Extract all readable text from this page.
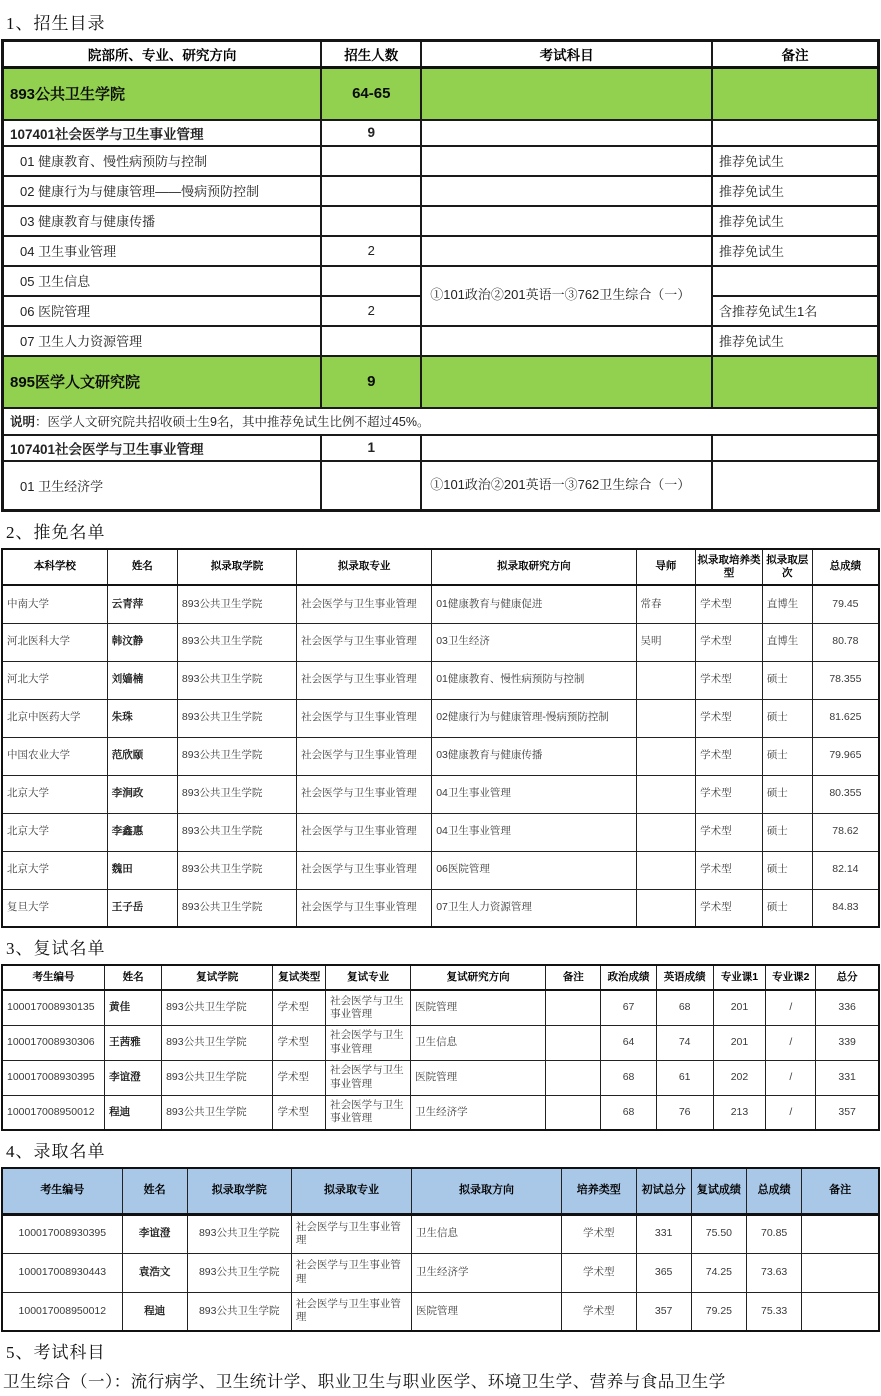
1、招生目录
院部所、专业、研究方向	招生人数	考试科目	备注
893公共卫生学院	64-65		
107401社会医学与卫生事业管理	9		
01 健康教育、慢性病预防与控制			推荐免试生
02 健康行为与健康管理——慢病预防控制			推荐免试生
03 健康教育与健康传播			推荐免试生
04 卫生事业管理	2		推荐免试生
05 卫生信息		①101政治②201英语一③762卫生综合（一）	
06 医院管理	2		含推荐免试生1名
07 卫生人力资源管理			推荐免试生
895医学人文研究院	9		
说明：医学人文研究院共招收硕士生9名，其中推荐免试生比例不超过45%。			
107401社会医学与卫生事业管理	1		
01 卫生经济学		①101政治②201英语一③762卫生综合（一）	
2、推免名单
本科学校	姓名	拟录取学院	拟录取专业	拟录取研究方向	导师	拟录取培养类型	拟录取层次	总成绩
中南大学	云青萍	893公共卫生学院	社会医学与卫生事业管理	01健康教育与健康促进	常春	学术型	直博生	79.45
河北医科大学	韩汶静	893公共卫生学院	社会医学与卫生事业管理	03卫生经济	吴明	学术型	直博生	80.78
河北大学	刘嫱楠	893公共卫生学院	社会医学与卫生事业管理	01健康教育、慢性病预防与控制		学术型	硕士	78.355
北京中医药大学	朱珠	893公共卫生学院	社会医学与卫生事业管理	02健康行为与健康管理-慢病预防控制		学术型	硕士	81.625
中国农业大学	范欣颐	893公共卫生学院	社会医学与卫生事业管理	03健康教育与健康传播		学术型	硕士	79.965
北京大学	李涧政	893公共卫生学院	社会医学与卫生事业管理	04卫生事业管理		学术型	硕士	80.355
北京大学	李鑫惠	893公共卫生学院	社会医学与卫生事业管理	04卫生事业管理		学术型	硕士	78.62
北京大学	魏田	893公共卫生学院	社会医学与卫生事业管理	06医院管理		学术型	硕士	82.14
复旦大学	王子岳	893公共卫生学院	社会医学与卫生事业管理	07卫生人力资源管理		学术型	硕士	84.83
3、复试名单
考生编号	姓名	复试学院	复试类型	复试专业	复试研究方向	备注	政治成绩	英语成绩	专业课1	专业课2	总分
100017008930135	黄佳	893公共卫生学院	学术型	社会医学与卫生事业管理	医院管理		67	68	201	/	336
100017008930306	王茜雅	893公共卫生学院	学术型	社会医学与卫生事业管理	卫生信息		64	74	201	/	339
100017008930395	李谊澄	893公共卫生学院	学术型	社会医学与卫生事业管理	医院管理		68	61	202	/	331
100017008950012	程迪	893公共卫生学院	学术型	社会医学与卫生事业管理	卫生经济学		68	76	213	/	357
4、录取名单
考生编号	姓名	拟录取学院	拟录取专业	拟录取方向	培养类型	初试总分	复试成绩	总成绩	备注
100017008930395	李谊澄	893公共卫生学院	社会医学与卫生事业管理	卫生信息	学术型	331	75.50	70.85	
100017008930443	袁浩文	893公共卫生学院	社会医学与卫生事业管理	卫生经济学	学术型	365	74.25	73.63	
100017008950012	程迪	893公共卫生学院	社会医学与卫生事业管理	医院管理	学术型	357	79.25	75.33	
5、考试科目

卫生综合（一）：流行病学、卫生统计学、职业卫生与职业医学、环境卫生学、营养与食品卫生学
